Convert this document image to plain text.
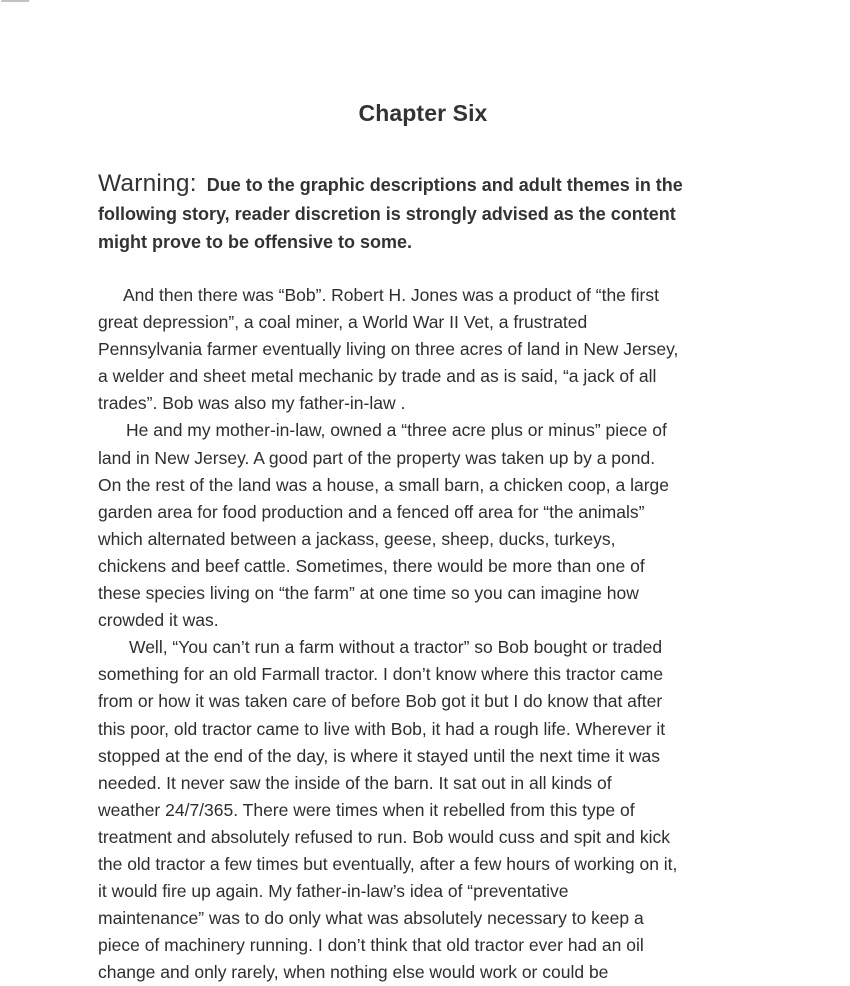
Chapter Six
Warning: Due to the graphic descriptions and adult themes in the
following story, reader discretion is strongly advised as the content
might prove to be offensive to some.
And then there was “Bob”. Robert H. Jones was a product of “the first
great depression”, a coal miner, a World War II Vet, a frustrated
Pennsylvania farmer eventually living on three acres of land in New Jersey,
a welder and sheet metal mechanic by trade and as is said, “a jack of all
trades”. Bob was also my father-in-law .
He and my mother-in-law, owned a “three acre plus or minus” piece of
land in New Jersey. A good part of the property was taken up by a pond.
On the rest of the land was a house, a small barn, a chicken coop, a large
garden area for food production and a fenced off area for “the animals”
which alternated between a jackass, geese, sheep, ducks, turkeys,
chickens and beef cattle. Sometimes, there would be more than one of
these species living on “the farm” at one time so you can imagine how
crowded it was.
Well, “You can’t run a farm without a tractor” so Bob bought or traded
something for an old Farmall tractor. I don’t know where this tractor came
from or how it was taken care of before Bob got it but I do know that after
this poor, old tractor came to live with Bob, it had a rough life. Wherever it
stopped at the end of the day, is where it stayed until the next time it was
needed. It never saw the inside of the barn. It sat out in all kinds of
weather 24/7/365. There were times when it rebelled from this type of
treatment and absolutely refused to run. Bob would cuss and spit and kick
the old tractor a few times but eventually, after a few hours of working on it,
it would fire up again. My father-in-law’s idea of “preventative
maintenance” was to do only what was absolutely necessary to keep a
piece of machinery running. I don’t think that old tractor ever had an oil
change and only rarely, when nothing else would work or could be
